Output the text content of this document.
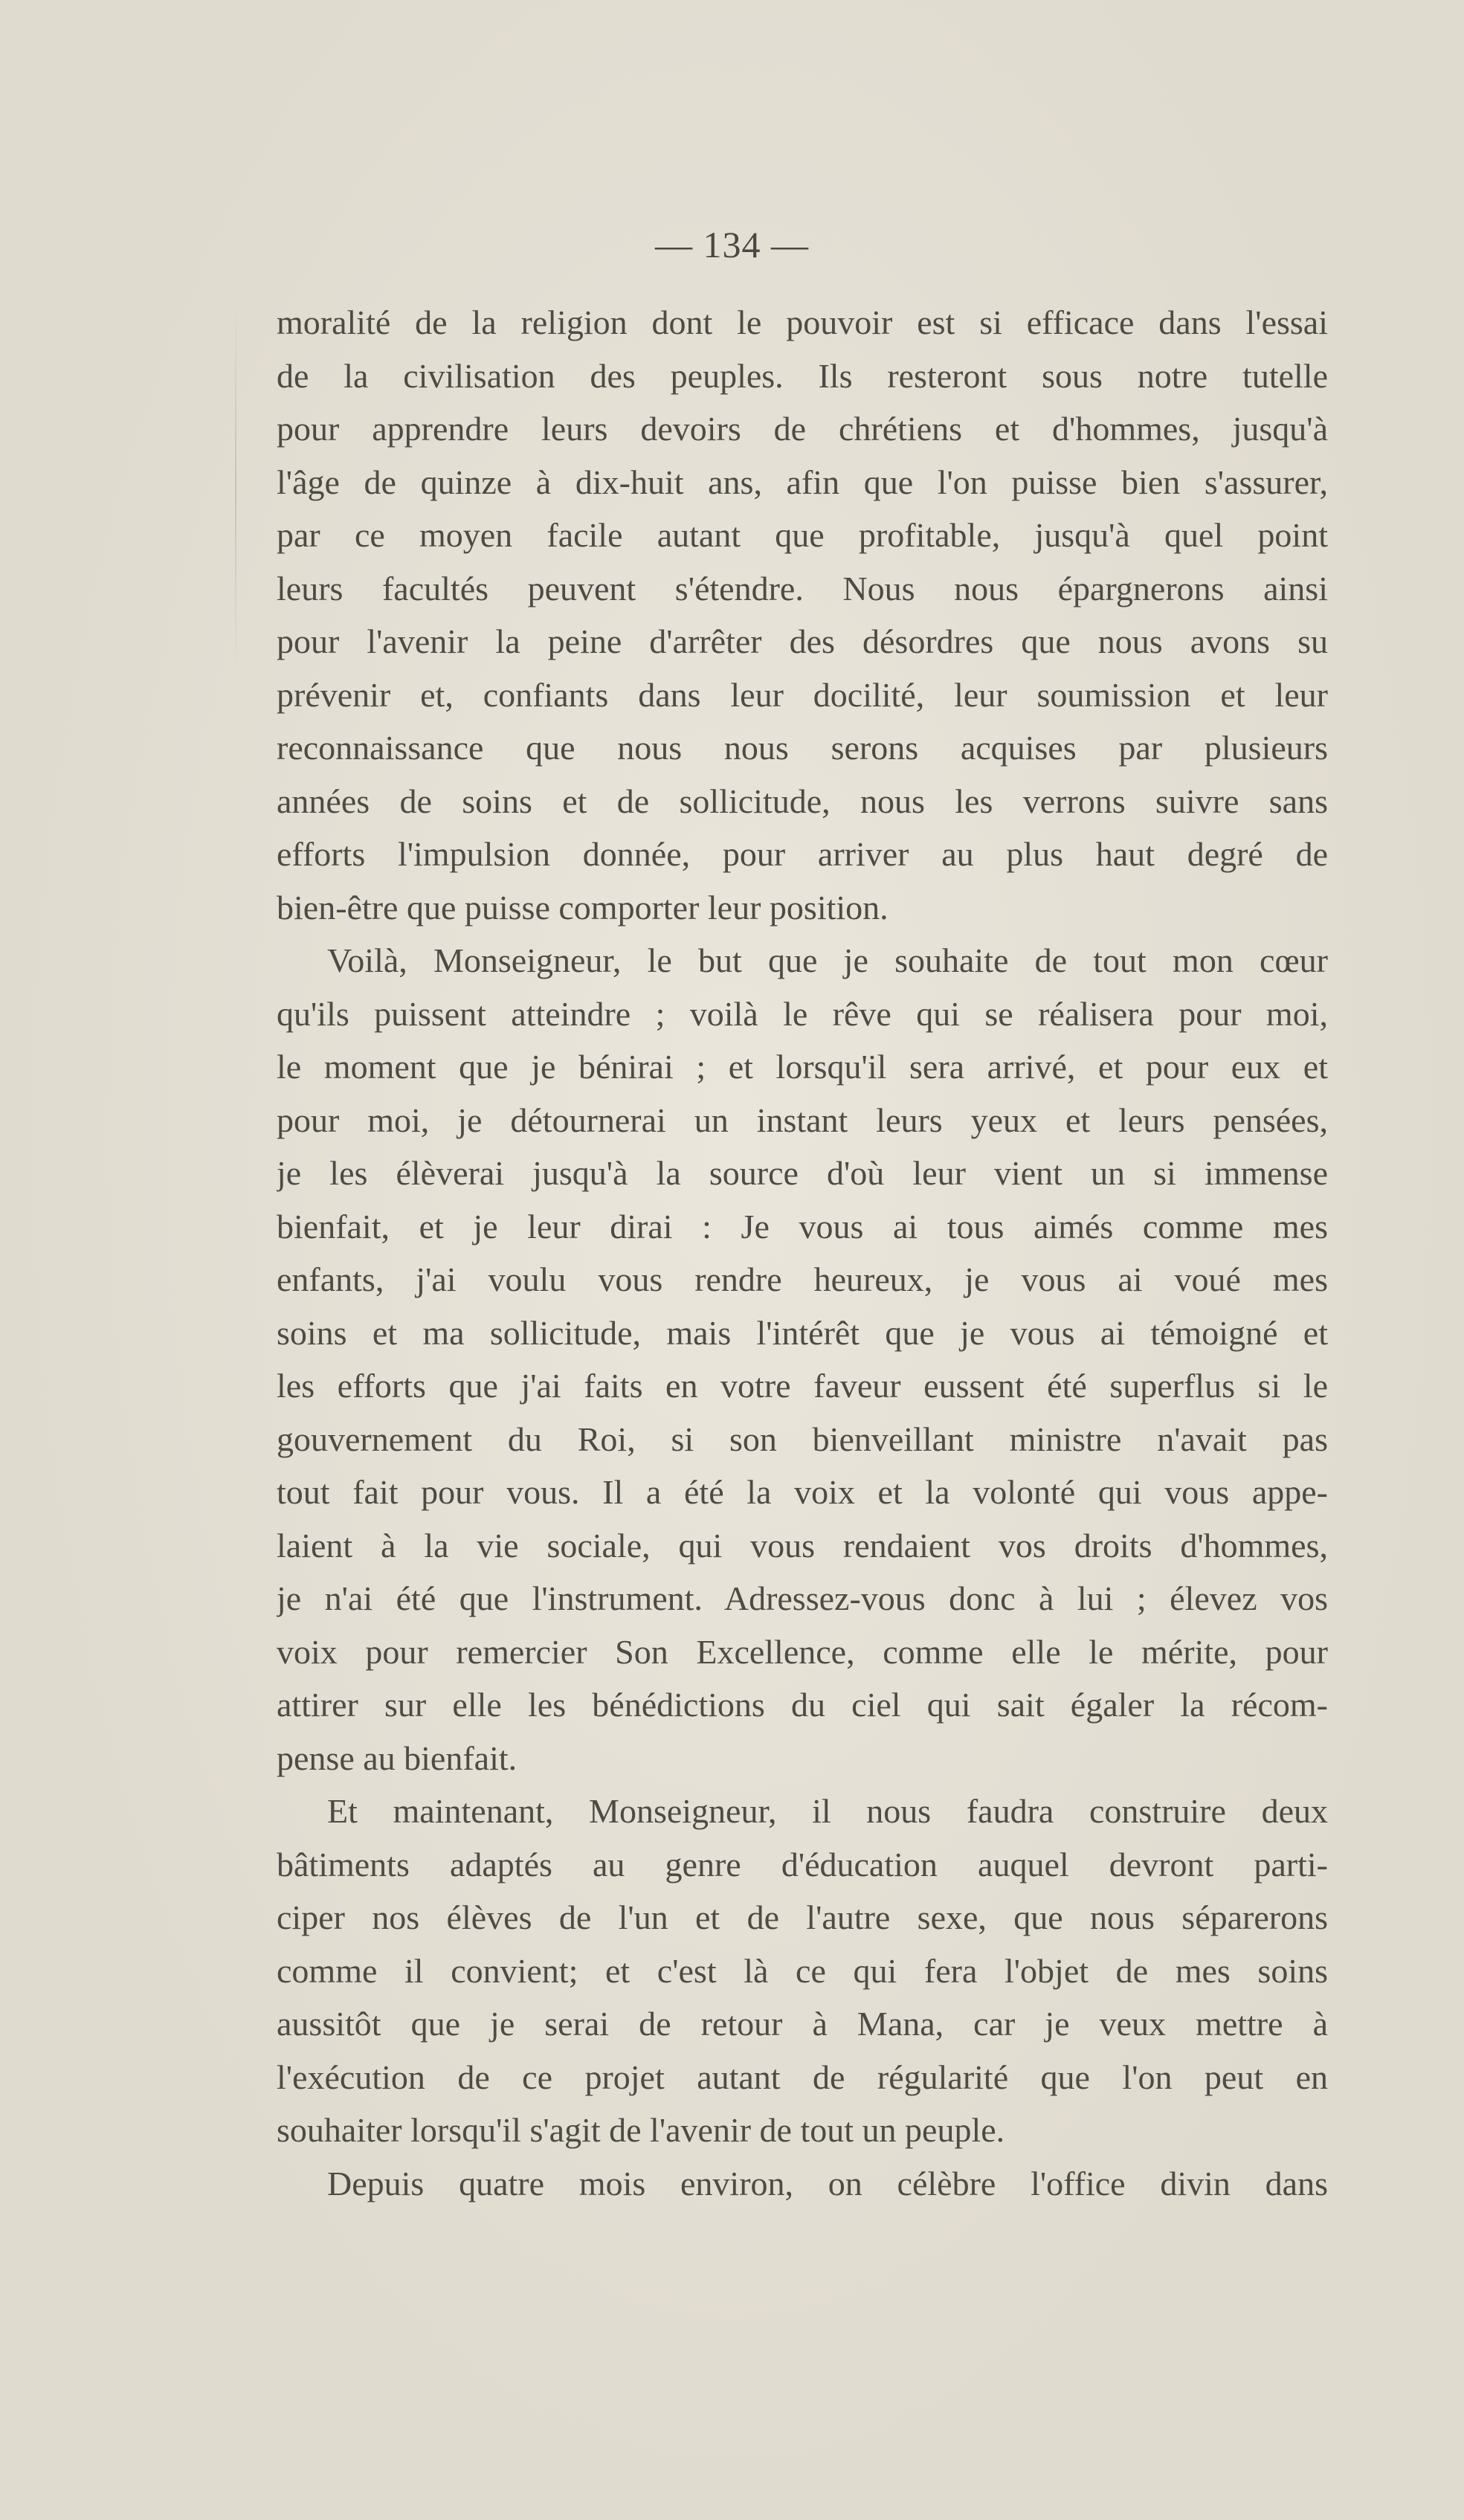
— 134 —
moralité de la religion dont le pouvoir est si efficace dans l'essai
de la civilisation des peuples. Ils resteront sous notre tutelle
pour apprendre leurs devoirs de chrétiens et d'hommes, jusqu'à
l'âge de quinze à dix-huit ans, afin que l'on puisse bien s'assurer,
par ce moyen facile autant que profitable, jusqu'à quel point
leurs facultés peuvent s'étendre. Nous nous épargnerons ainsi
pour l'avenir la peine d'arrêter des désordres que nous avons su
prévenir et, confiants dans leur docilité, leur soumission et leur
reconnaissance que nous nous serons acquises par plusieurs
années de soins et de sollicitude, nous les verrons suivre sans
efforts l'impulsion donnée, pour arriver au plus haut degré de
bien-être que puisse comporter leur position.
Voilà, Monseigneur, le but que je souhaite de tout mon cœur
qu'ils puissent atteindre ; voilà le rêve qui se réalisera pour moi,
le moment que je bénirai ; et lorsqu'il sera arrivé, et pour eux et
pour moi, je détournerai un instant leurs yeux et leurs pensées,
je les élèverai jusqu'à la source d'où leur vient un si immense
bienfait, et je leur dirai : Je vous ai tous aimés comme mes
enfants, j'ai voulu vous rendre heureux, je vous ai voué mes
soins et ma sollicitude, mais l'intérêt que je vous ai témoigné et
les efforts que j'ai faits en votre faveur eussent été superflus si le
gouvernement du Roi, si son bienveillant ministre n'avait pas
tout fait pour vous. Il a été la voix et la volonté qui vous appe-
laient à la vie sociale, qui vous rendaient vos droits d'hommes,
je n'ai été que l'instrument. Adressez-vous donc à lui ; élevez vos
voix pour remercier Son Excellence, comme elle le mérite, pour
attirer sur elle les bénédictions du ciel qui sait égaler la récom-
pense au bienfait.
Et maintenant, Monseigneur, il nous faudra construire deux
bâtiments adaptés au genre d'éducation auquel devront parti-
ciper nos élèves de l'un et de l'autre sexe, que nous séparerons
comme il convient; et c'est là ce qui fera l'objet de mes soins
aussitôt que je serai de retour à Mana, car je veux mettre à
l'exécution de ce projet autant de régularité que l'on peut en
souhaiter lorsqu'il s'agit de l'avenir de tout un peuple.
Depuis quatre mois environ, on célèbre l'office divin dans
